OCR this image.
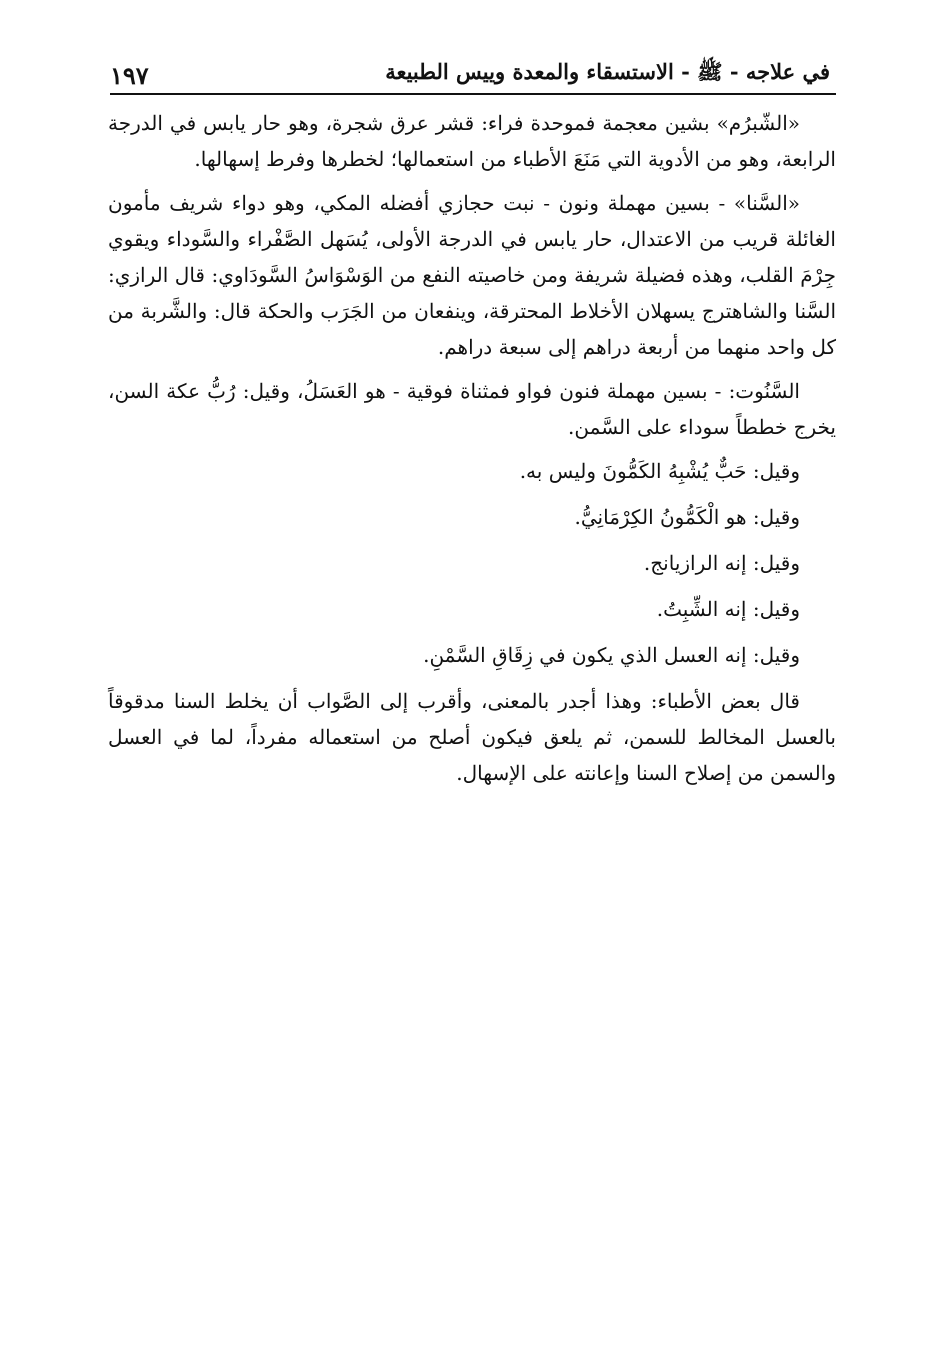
في علاجه - ﷺ - الاستسقاء والمعدة وييس الطبيعة
١٩٧

«الشّبرُم» بشين معجمة فموحدة فراء: قشر عرق شجرة، وهو حار يابس في الدرجة الرابعة، وهو من الأدوية التي مَنَعَ الأطباء من استعمالها؛ لخطرها وفرط إسهالها.

«السَّنا» - بسين مهملة ونون - نبت حجازي أفضله المكي، وهو دواء شريف مأمون الغائلة قريب من الاعتدال، حار يابس في الدرجة الأولى، يُسَهل الصَّفْراء والسَّوداء ويقوي جِرْمَ القلب، وهذه فضيلة شريفة ومن خاصيته النفع من الوَسْوَاسُ السَّودَاوي: قال الرازي: السَّنا والشاهترج يسهلان الأخلاط المحترقة، وينفعان من الجَرَب والحكة قال: والشَّربة من كل واحد منهما من أربعة دراهم إلى سبعة دراهم.

السَّنُوت: - بسين مهملة فنون فواو فمثناة فوقية - هو العَسَلُ، وقيل: رُبُّ عكة السن، يخرج خططاً سوداء على السَّمن.

وقيل: حَبٌّ يُشْبِهُ الكَمُّونَ وليس به.

وقيل: هو الْكَمُّونُ الكِرْمَانِيُّ.

وقيل: إنه الرازيانج.

وقيل: إنه الشِّبِتُ.

وقيل: إنه العسل الذي يكون في زِقَاقِ السَّمْنِ.

قال بعض الأطباء: وهذا أجدر بالمعنى، وأقرب إلى الصَّواب أن يخلط السنا مدقوقاً بالعسل المخالط للسمن، ثم يلعق فيكون أصلح من استعماله مفرداً، لما في العسل والسمن من إصلاح السنا وإعانته على الإسهال.
